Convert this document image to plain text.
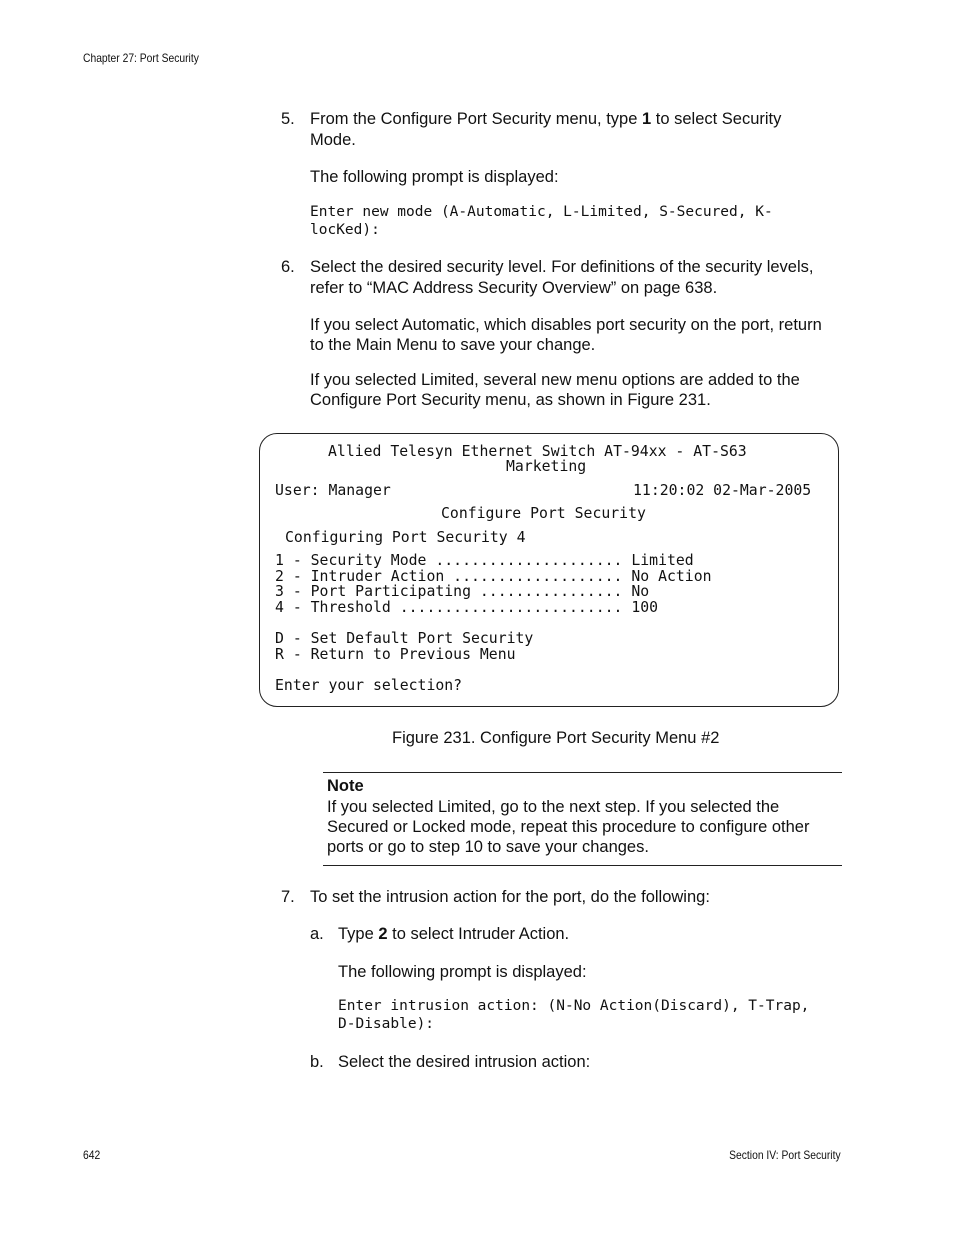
Chapter 27: Port Security
5. From the Configure Port Security menu, type 1 to select Security
Mode.
The following prompt is displayed:
Enter new mode (A-Automatic, L-Limited, S-Secured, K-
locKed):
6. Select the desired security level. For definitions of the security levels,
refer to “MAC Address Security Overview” on page 638.
If you select Automatic, which disables port security on the port, return
to the Main Menu to save your change.
If you selected Limited, several new menu options are added to the
Configure Port Security menu, as shown in Figure 231.
Allied Telesyn Ethernet Switch AT-94xx - AT-S63
Marketing
User: Manager	11:20:02 02-Mar-2005
Configure Port Security
Configuring Port Security 4
1 - Security Mode ..................... Limited
2 - Intruder Action ................... No Action
3 - Port Participating ................ No
4 - Threshold ......................... 100
D - Set Default Port Security
R - Return to Previous Menu
Enter your selection?
Figure 231. Configure Port Security Menu #2
Note
If you selected Limited, go to the next step. If you selected the
Secured or Locked mode, repeat this procedure to configure other
ports or go to step 10 to save your changes.
7. To set the intrusion action for the port, do the following:
a. Type 2 to select Intruder Action.
The following prompt is displayed:
Enter intrusion action: (N-No Action(Discard), T-Trap,
D-Disable):
b. Select the desired intrusion action:
642	Section IV: Port Security
